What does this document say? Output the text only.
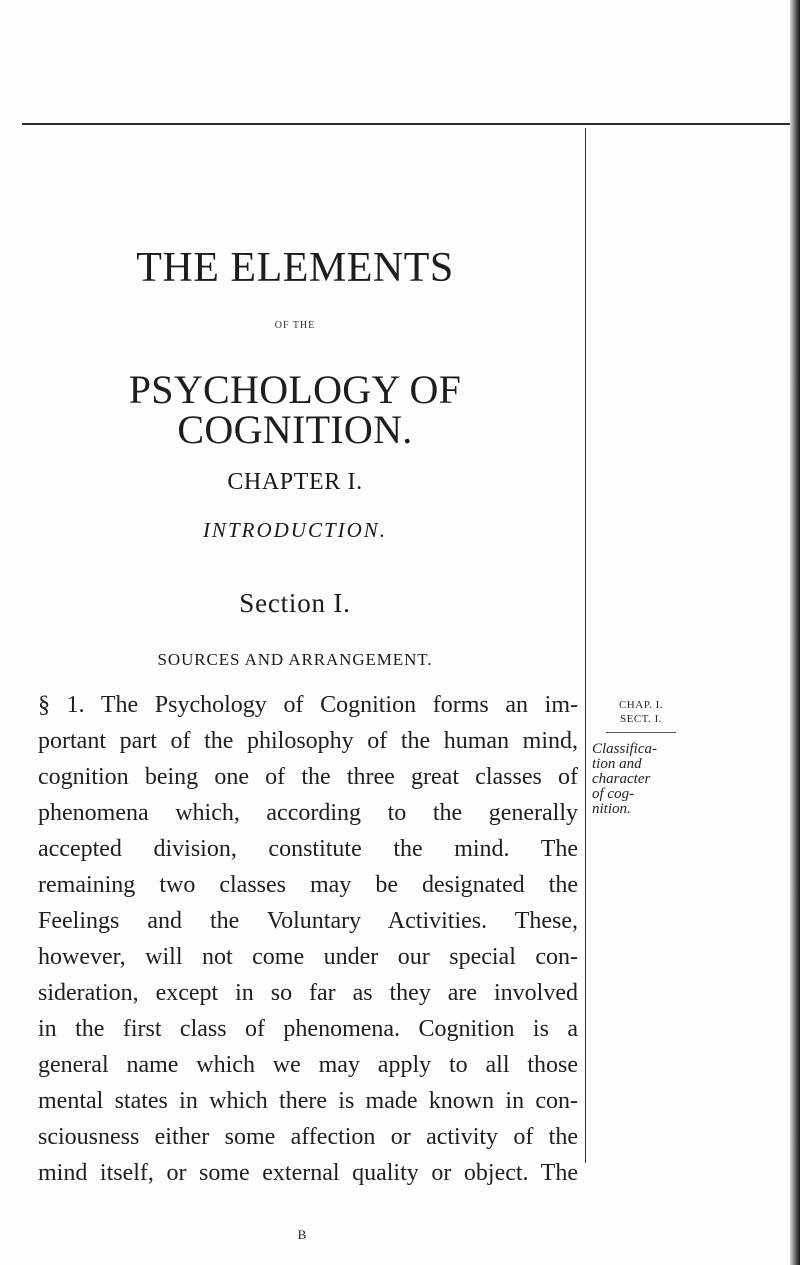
THE ELEMENTS
OF THE
PSYCHOLOGY OF COGNITION.
CHAPTER I.
INTRODUCTION.
Section I.
SOURCES AND ARRANGEMENT.
§ 1. The Psychology of Cognition forms an im-
portant part of the philosophy of the human mind,
cognition being one of the three great classes of
phenomena which, according to the generally
accepted division, constitute the mind. The
remaining two classes may be designated the
Feelings and the Voluntary Activities. These,
however, will not come under our special con-
sideration, except in so far as they are involved
in the first class of phenomena. Cognition is a
general name which we may apply to all those
mental states in which there is made known in con-
sciousness either some affection or activity of the
mind itself, or some external quality or object. The
CHAP. I.
SECT. I.
Classifica-
tion and
character
of cog-
nition.
B
